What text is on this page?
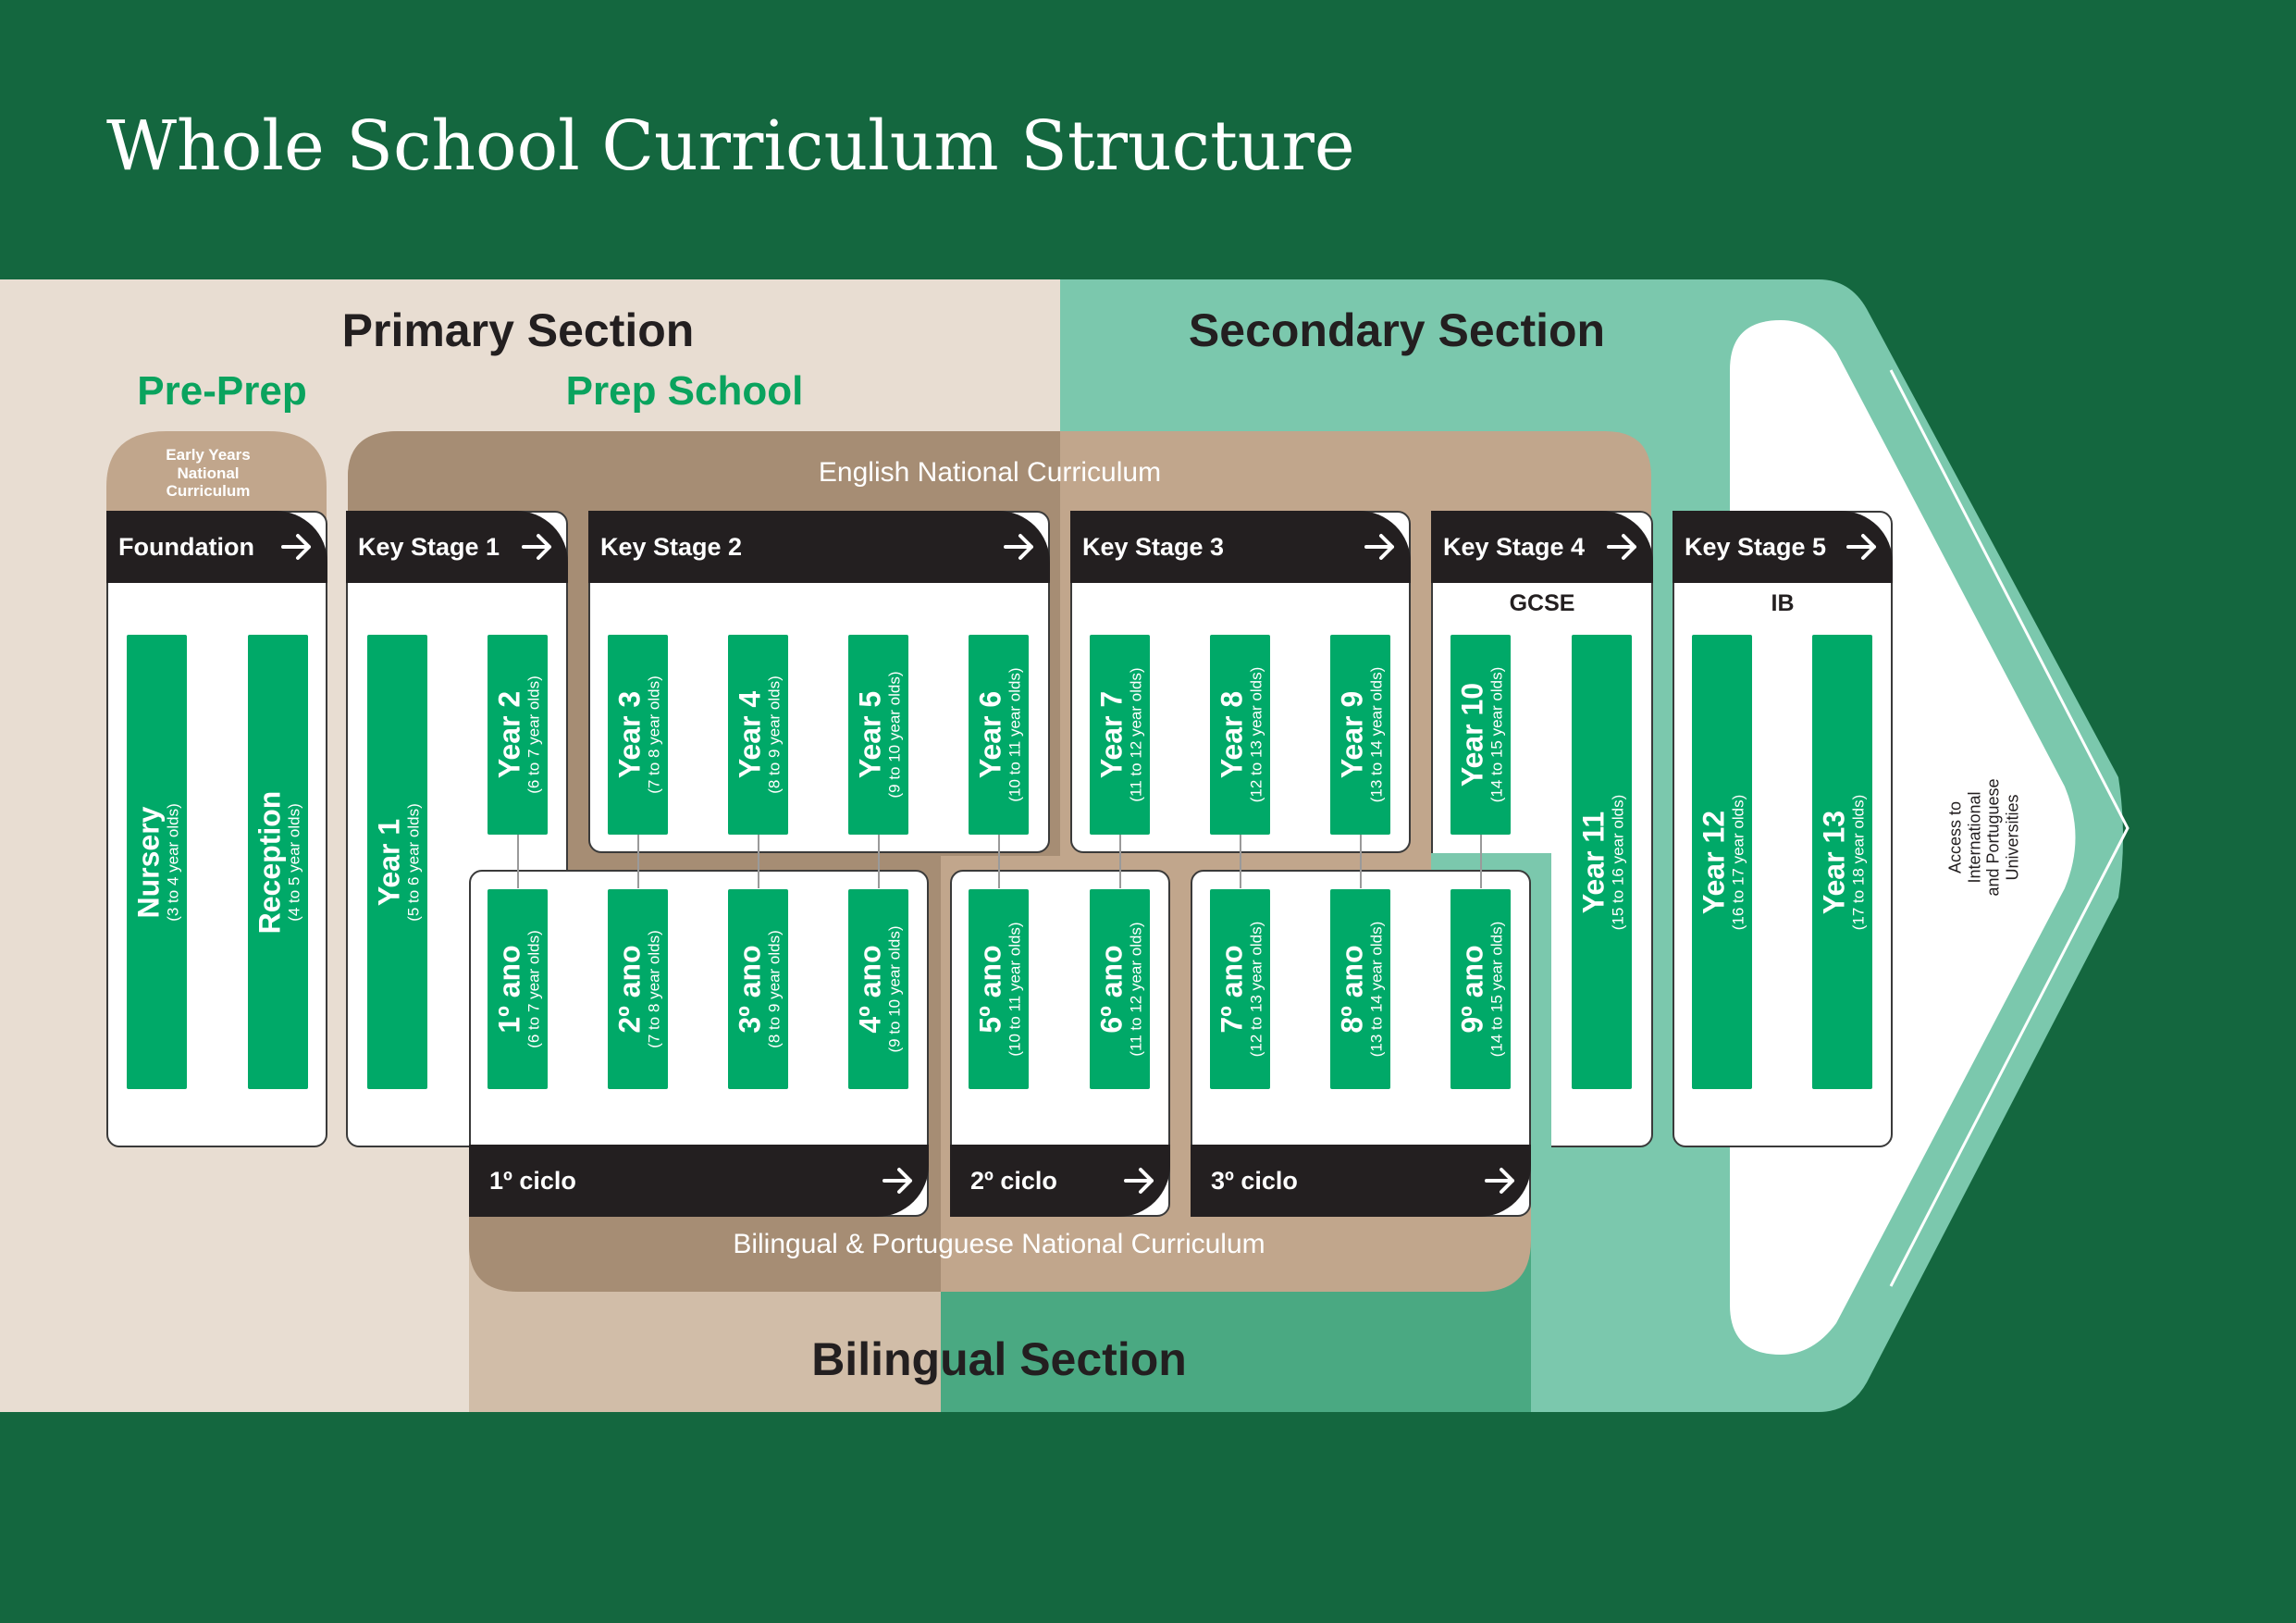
Whole School Curriculum Structure
Primary Section	Secondary Section
Bilingual Section
Pre-Prep	Prep School
Early Years National Curriculum
English National Curriculum
Bilingual & Portuguese National Curriculum
Foundation	Key Stage 1	Key Stage 2	Key Stage 3	Key Stage 4	Key Stage 5
GCSE	IB
1º ciclo	2º ciclo	3º ciclo
Nursery
(3 to 4 year olds) Reception
(4 to 5 year olds) Year 1
(5 to 6 year olds)
Year 2
(6 to 7 year olds) Year 3
(7 to 8 year olds) Year 4
(8 to 9 year olds) Year 5
(9 to 10 year olds) Year 6
(10 to 11 year olds) Year 7
(11 to 12 year olds) Year 8
(12 to 13 year olds) Year 9
(13 to 14 year olds) Year 10
(14 to 15 year olds)
Year 11
(15 to 16 year olds) Year 12
(16 to 17 year olds) Year 13
(17 to 18 year olds)
1º ano
(6 to 7 year olds) 2º ano
(7 to 8 year olds) 3º ano
(8 to 9 year olds) 4º ano
(9 to 10 year olds) 5º ano
(10 to 11 year olds) 6º ano
(11 to 12 year olds) 7º ano
(12 to 13 year olds) 8º ano
(13 to 14 year olds) 9º ano
(14 to 15 year olds)
Access to International and Portuguese Universities
